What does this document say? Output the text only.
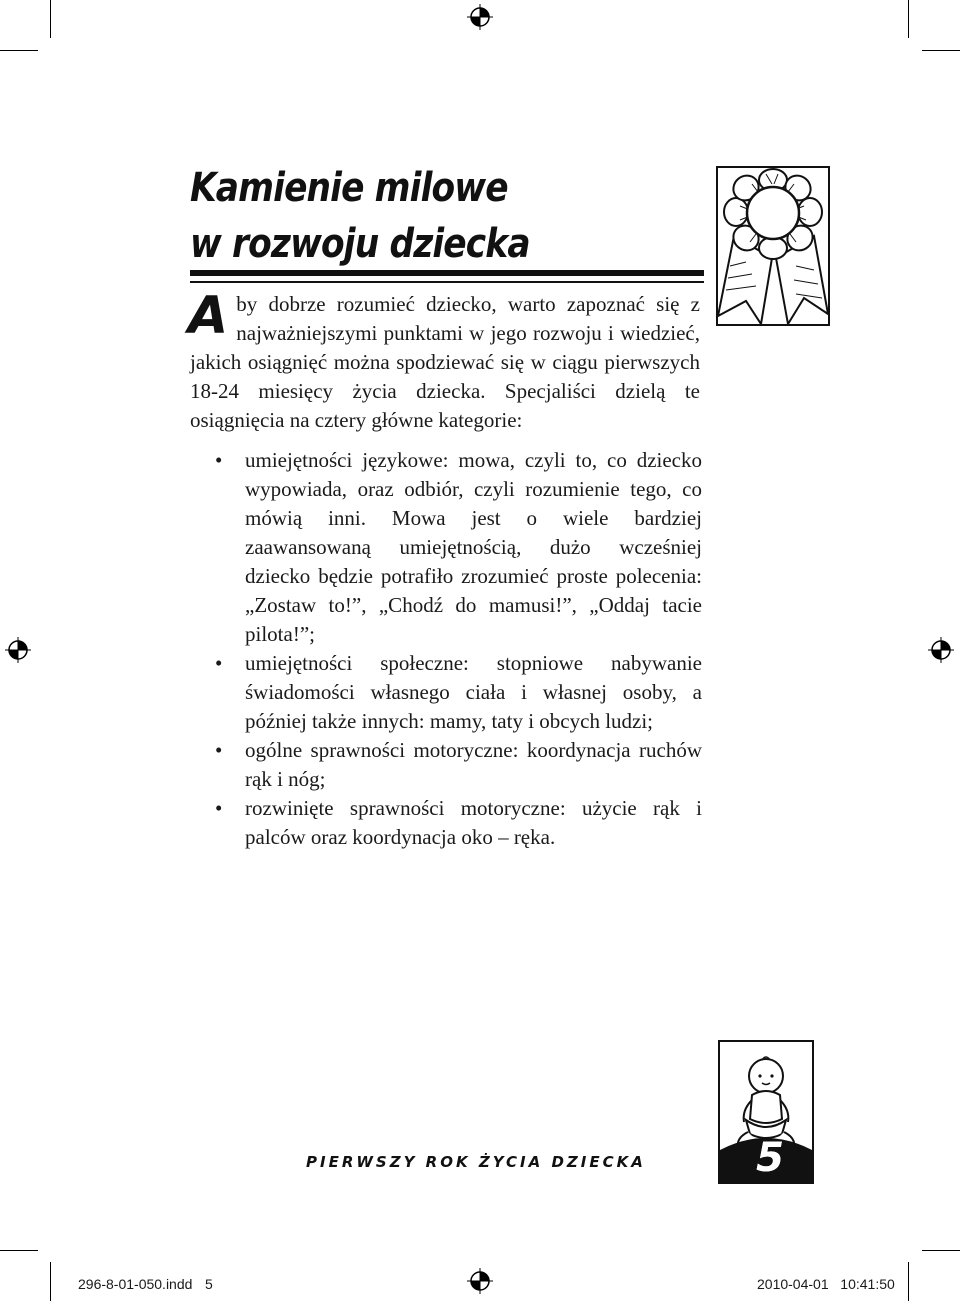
Kamienie milowe
w rozwoju dziecka

Aby dobrze rozumieć dziecko, warto zapoznać się z najważniejszymi punktami w jego rozwoju i wiedzieć, jakich osiągnięć można spodziewać się w ciągu pierwszych 18-24 miesięcy życia dziecka. Specjaliści dzielą te osiągnięcia na cztery główne kategorie:

• umiejętności językowe: mowa, czyli to, co dziecko wypowiada, oraz odbiór, czyli rozumienie tego, co mówią inni. Mowa jest o wiele bardziej zaawansowaną umiejętnością, dużo wcześniej dziecko będzie potrafiło zrozumieć proste polecenia: „Zostaw to!”, „Chodź do mamusi!”, „Oddaj tacie pilota!”;
• umiejętności społeczne: stopniowe nabywanie świadomości własnego ciała i własnej osoby, a później także innych: mamy, taty i obcych ludzi;
• ogólne sprawności motoryczne: koordynacja ruchów rąk i nóg;
• rozwinięte sprawności motoryczne: użycie rąk i palców oraz koordynacja oko – ręka.
5
PIERWSZY ROK ŻYCIA DZIECKA
296-8-01-050.indd 5	2010-04-01   10:41:50
